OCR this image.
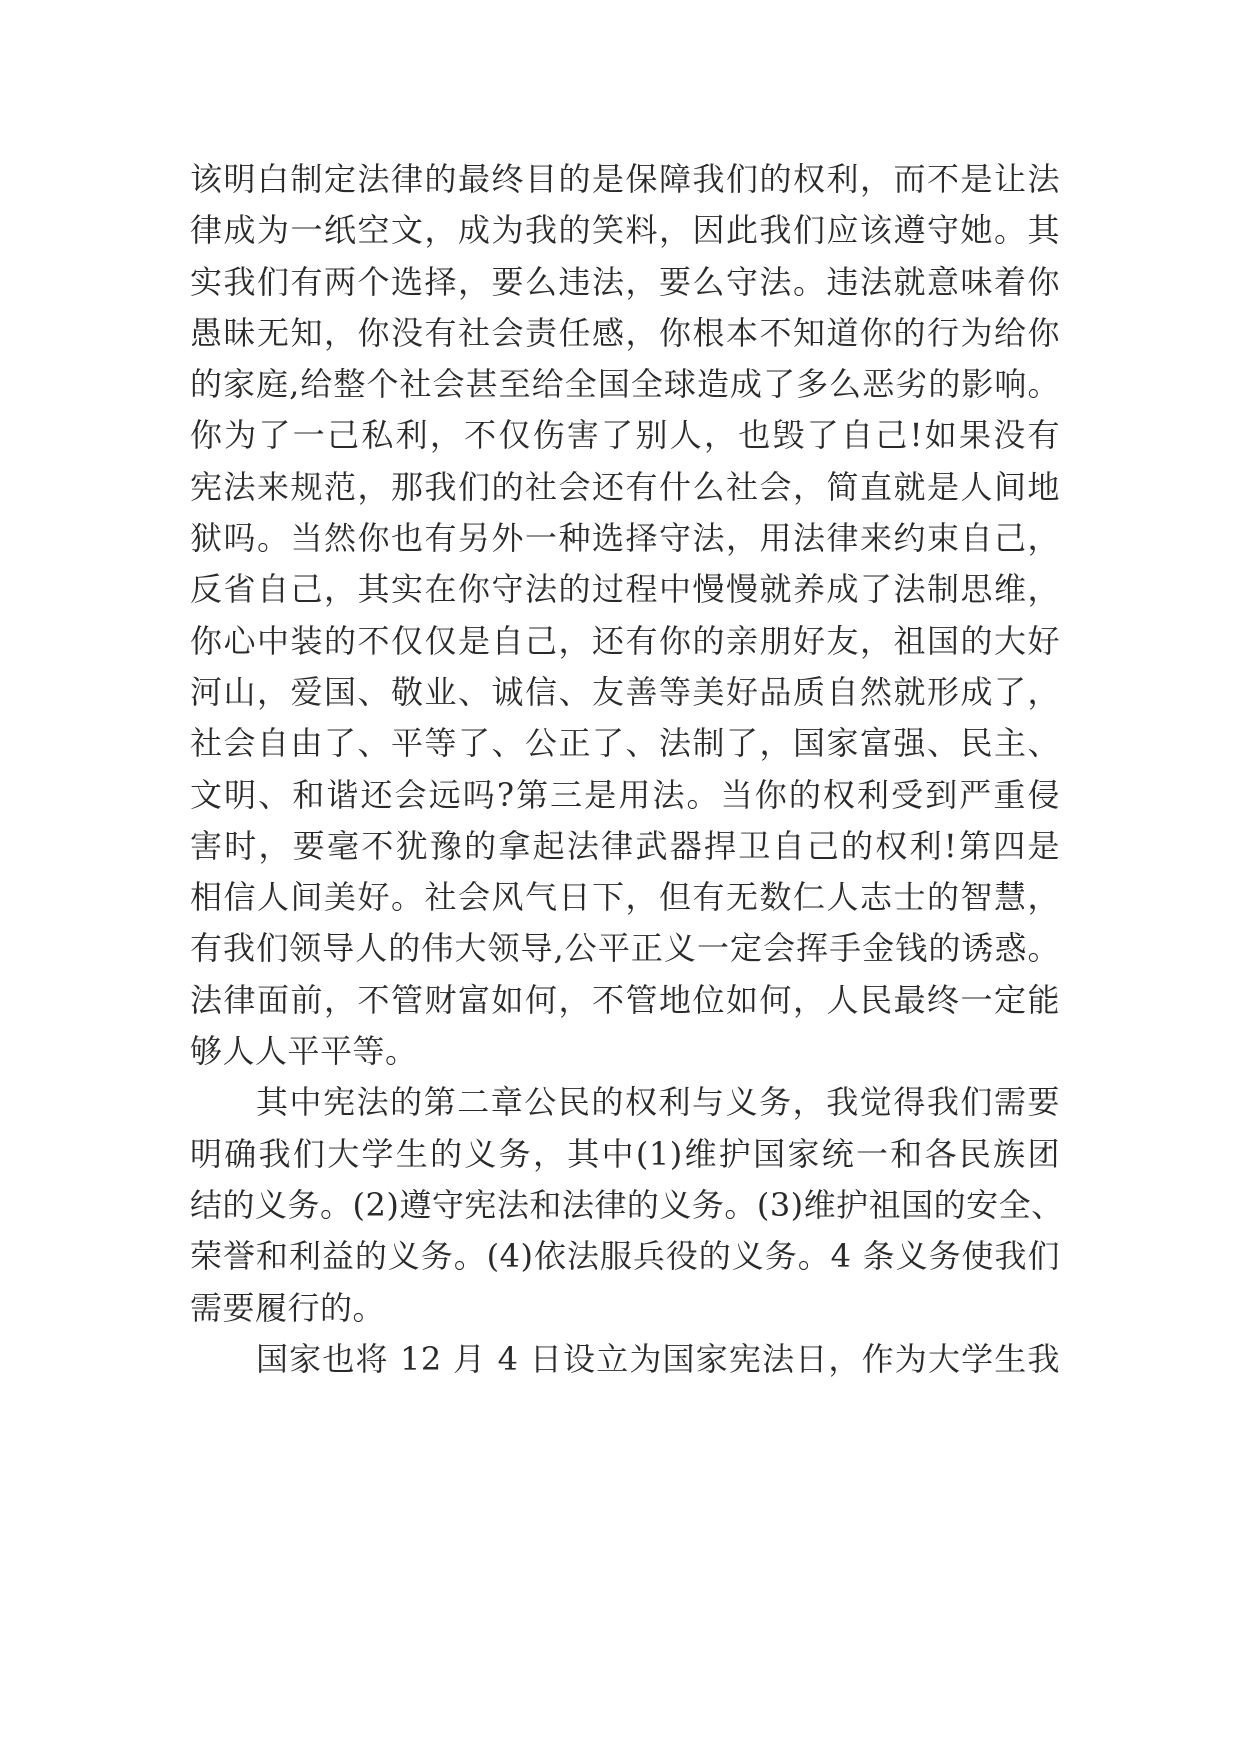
该明白制定法律的最终目的是保障我们的权利，而不是让法
律成为一纸空文，成为我的笑料，因此我们应该遵守她。其
实我们有两个选择，要么违法，要么守法。违法就意味着你
愚昧无知，你没有社会责任感，你根本不知道你的行为给你
的家庭,给整个社会甚至给全国全球造成了多么恶劣的影响。
你为了一己私利，不仅伤害了别人，也毁了自己!如果没有
宪法来规范，那我们的社会还有什么社会，简直就是人间地
狱吗。当然你也有另外一种选择守法，用法律来约束自己，
反省自己，其实在你守法的过程中慢慢就养成了法制思维，
你心中装的不仅仅是自己，还有你的亲朋好友，祖国的大好
河山，爱国、敬业、诚信、友善等美好品质自然就形成了，
社会自由了、平等了、公正了、法制了，国家富强、民主、
文明、和谐还会远吗?第三是用法。当你的权利受到严重侵
害时，要毫不犹豫的拿起法律武器捍卫自己的权利!第四是
相信人间美好。社会风气日下，但有无数仁人志士的智慧，
有我们领导人的伟大领导,公平正义一定会挥手金钱的诱惑。
法律面前，不管财富如何，不管地位如何，人民最终一定能
够人人平平等。
其中宪法的第二章公民的权利与义务，我觉得我们需要
明确我们大学生的义务，其中(1)维护国家统一和各民族团
结的义务。(2)遵守宪法和法律的义务。(3)维护祖国的安全、
荣誉和利益的义务。(4)依法服兵役的义务。4 条义务使我们
需要履行的。
国家也将 12 月 4 日设立为国家宪法日，作为大学生我
